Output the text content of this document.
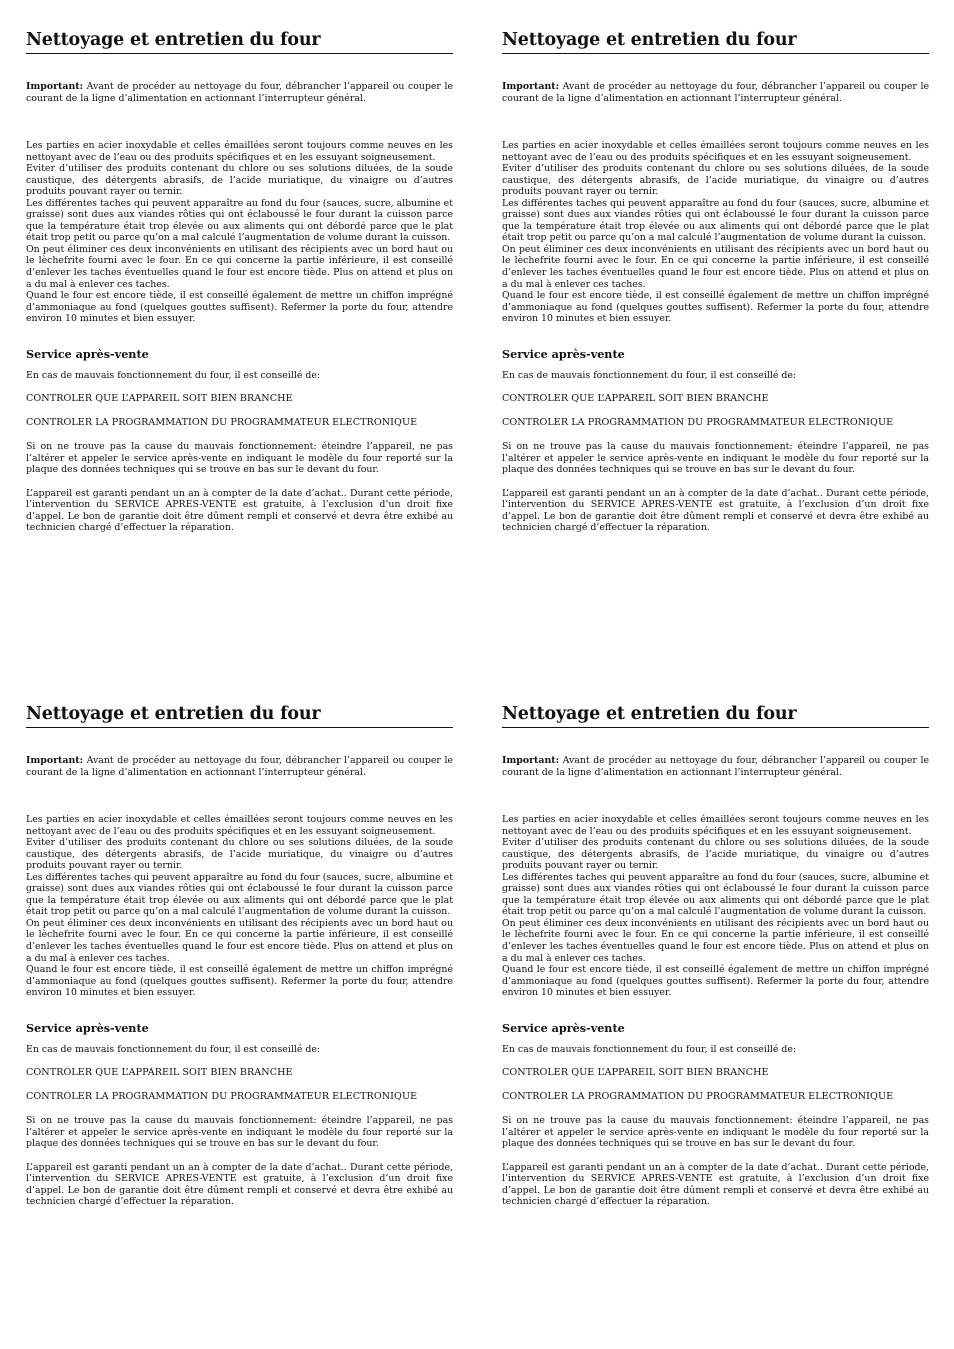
Nettoyage et entretien du four

Important: Avant de procéder au nettoyage du four, débrancher l’appareil ou couper le courant de la ligne d’alimentation en actionnant l’interrupteur général.

Les parties en acier inoxydable et celles émaillées seront toujours comme neuves en les nettoyant avec de l’eau ou des produits spécifiques et en les essuyant soigneusement.

Eviter d’utiliser des produits contenant du chlore ou ses solutions diluées, de la soude caustique, des détergents abrasifs, de l’acide muriatique, du vinaigre ou d’autres produits pouvant rayer ou ternir.

Les différentes taches qui peuvent apparaître au fond du four (sauces, sucre, albumine et graisse) sont dues aux viandes rôties qui ont éclaboussé le four durant la cuisson parce que la température était trop élevée ou aux aliments qui ont débordé parce que le plat était trop petit ou parce qu’on a mal calculé l’augmentation de volume durant la cuisson.

On peut éliminer ces deux inconvénients en utilisant des récipients avec un bord haut ou le lèchefrite fourni avec le four. En ce qui concerne la partie inférieure, il est conseillé d’enlever les taches éventuelles quand le four est encore tiède. Plus on attend et plus on a du mal à enlever ces taches.

Quand le four est encore tiède, il est conseillé également de mettre un chiffon imprégné d’ammoniaque au fond (quelques gouttes suffisent). Refermer la porte du four, attendre environ 10 minutes et bien essuyer.

Service après-vente

En cas de mauvais fonctionnement du four, il est conseillé de:

CONTROLER QUE L’APPAREIL SOIT BIEN BRANCHE

CONTROLER LA PROGRAMMATION DU PROGRAMMATEUR ELECTRONIQUE

Si on ne trouve pas la cause du mauvais fonctionnement: éteindre l’appareil, ne pas l’altérer et appeler le service après-vente en indiquant le modèle du four reporté sur la plaque des données techniques qui se trouve en bas sur le devant du four.

L’appareil est garanti pendant un an à compter de la date d’achat.. Durant cette période, l’intervention du SERVICE APRES-VENTE est gratuite, à l’exclusion d’un droit fixe d’appel. Le bon de garantie doit être dûment rempli et conservé et devra être exhibé au technicien chargé d’effectuer la réparation.

Nettoyage et entretien du four

Important: Avant de procéder au nettoyage du four, débrancher l’appareil ou couper le courant de la ligne d’alimentation en actionnant l’interrupteur général.

Les parties en acier inoxydable et celles émaillées seront toujours comme neuves en les nettoyant avec de l’eau ou des produits spécifiques et en les essuyant soigneusement.

Eviter d’utiliser des produits contenant du chlore ou ses solutions diluées, de la soude caustique, des détergents abrasifs, de l’acide muriatique, du vinaigre ou d’autres produits pouvant rayer ou ternir.

Les différentes taches qui peuvent apparaître au fond du four (sauces, sucre, albumine et graisse) sont dues aux viandes rôties qui ont éclaboussé le four durant la cuisson parce que la température était trop élevée ou aux aliments qui ont débordé parce que le plat était trop petit ou parce qu’on a mal calculé l’augmentation de volume durant la cuisson.

On peut éliminer ces deux inconvénients en utilisant des récipients avec un bord haut ou le lèchefrite fourni avec le four. En ce qui concerne la partie inférieure, il est conseillé d’enlever les taches éventuelles quand le four est encore tiède. Plus on attend et plus on a du mal à enlever ces taches.

Quand le four est encore tiède, il est conseillé également de mettre un chiffon imprégné d’ammoniaque au fond (quelques gouttes suffisent). Refermer la porte du four, attendre environ 10 minutes et bien essuyer.

Service après-vente

En cas de mauvais fonctionnement du four, il est conseillé de:

CONTROLER QUE L’APPAREIL SOIT BIEN BRANCHE

CONTROLER LA PROGRAMMATION DU PROGRAMMATEUR ELECTRONIQUE

Si on ne trouve pas la cause du mauvais fonctionnement: éteindre l’appareil, ne pas l’altérer et appeler le service après-vente en indiquant le modèle du four reporté sur la plaque des données techniques qui se trouve en bas sur le devant du four.

L’appareil est garanti pendant un an à compter de la date d’achat.. Durant cette période, l’intervention du SERVICE APRES-VENTE est gratuite, à l’exclusion d’un droit fixe d’appel. Le bon de garantie doit être dûment rempli et conservé et devra être exhibé au technicien chargé d’effectuer la réparation.

Nettoyage et entretien du four

Important: Avant de procéder au nettoyage du four, débrancher l’appareil ou couper le courant de la ligne d’alimentation en actionnant l’interrupteur général.

Les parties en acier inoxydable et celles émaillées seront toujours comme neuves en les nettoyant avec de l’eau ou des produits spécifiques et en les essuyant soigneusement.

Eviter d’utiliser des produits contenant du chlore ou ses solutions diluées, de la soude caustique, des détergents abrasifs, de l’acide muriatique, du vinaigre ou d’autres produits pouvant rayer ou ternir.

Les différentes taches qui peuvent apparaître au fond du four (sauces, sucre, albumine et graisse) sont dues aux viandes rôties qui ont éclaboussé le four durant la cuisson parce que la température était trop élevée ou aux aliments qui ont débordé parce que le plat était trop petit ou parce qu’on a mal calculé l’augmentation de volume durant la cuisson.

On peut éliminer ces deux inconvénients en utilisant des récipients avec un bord haut ou le lèchefrite fourni avec le four. En ce qui concerne la partie inférieure, il est conseillé d’enlever les taches éventuelles quand le four est encore tiède. Plus on attend et plus on a du mal à enlever ces taches.

Quand le four est encore tiède, il est conseillé également de mettre un chiffon imprégné d’ammoniaque au fond (quelques gouttes suffisent). Refermer la porte du four, attendre environ 10 minutes et bien essuyer.

Service après-vente

En cas de mauvais fonctionnement du four, il est conseillé de:

CONTROLER QUE L’APPAREIL SOIT BIEN BRANCHE

CONTROLER LA PROGRAMMATION DU PROGRAMMATEUR ELECTRONIQUE

Si on ne trouve pas la cause du mauvais fonctionnement: éteindre l’appareil, ne pas l’altérer et appeler le service après-vente en indiquant le modèle du four reporté sur la plaque des données techniques qui se trouve en bas sur le devant du four.

L’appareil est garanti pendant un an à compter de la date d’achat.. Durant cette période, l’intervention du SERVICE APRES-VENTE est gratuite, à l’exclusion d’un droit fixe d’appel. Le bon de garantie doit être dûment rempli et conservé et devra être exhibé au technicien chargé d’effectuer la réparation.

Nettoyage et entretien du four

Important: Avant de procéder au nettoyage du four, débrancher l’appareil ou couper le courant de la ligne d’alimentation en actionnant l’interrupteur général.

Les parties en acier inoxydable et celles émaillées seront toujours comme neuves en les nettoyant avec de l’eau ou des produits spécifiques et en les essuyant soigneusement.

Eviter d’utiliser des produits contenant du chlore ou ses solutions diluées, de la soude caustique, des détergents abrasifs, de l’acide muriatique, du vinaigre ou d’autres produits pouvant rayer ou ternir.

Les différentes taches qui peuvent apparaître au fond du four (sauces, sucre, albumine et graisse) sont dues aux viandes rôties qui ont éclaboussé le four durant la cuisson parce que la température était trop élevée ou aux aliments qui ont débordé parce que le plat était trop petit ou parce qu’on a mal calculé l’augmentation de volume durant la cuisson.

On peut éliminer ces deux inconvénients en utilisant des récipients avec un bord haut ou le lèchefrite fourni avec le four. En ce qui concerne la partie inférieure, il est conseillé d’enlever les taches éventuelles quand le four est encore tiède. Plus on attend et plus on a du mal à enlever ces taches.

Quand le four est encore tiède, il est conseillé également de mettre un chiffon imprégné d’ammoniaque au fond (quelques gouttes suffisent). Refermer la porte du four, attendre environ 10 minutes et bien essuyer.

Service après-vente

En cas de mauvais fonctionnement du four, il est conseillé de:

CONTROLER QUE L’APPAREIL SOIT BIEN BRANCHE

CONTROLER LA PROGRAMMATION DU PROGRAMMATEUR ELECTRONIQUE

Si on ne trouve pas la cause du mauvais fonctionnement: éteindre l’appareil, ne pas l’altérer et appeler le service après-vente en indiquant le modèle du four reporté sur la plaque des données techniques qui se trouve en bas sur le devant du four.

L’appareil est garanti pendant un an à compter de la date d’achat.. Durant cette période, l’intervention du SERVICE APRES-VENTE est gratuite, à l’exclusion d’un droit fixe d’appel. Le bon de garantie doit être dûment rempli et conservé et devra être exhibé au technicien chargé d’effectuer la réparation.
